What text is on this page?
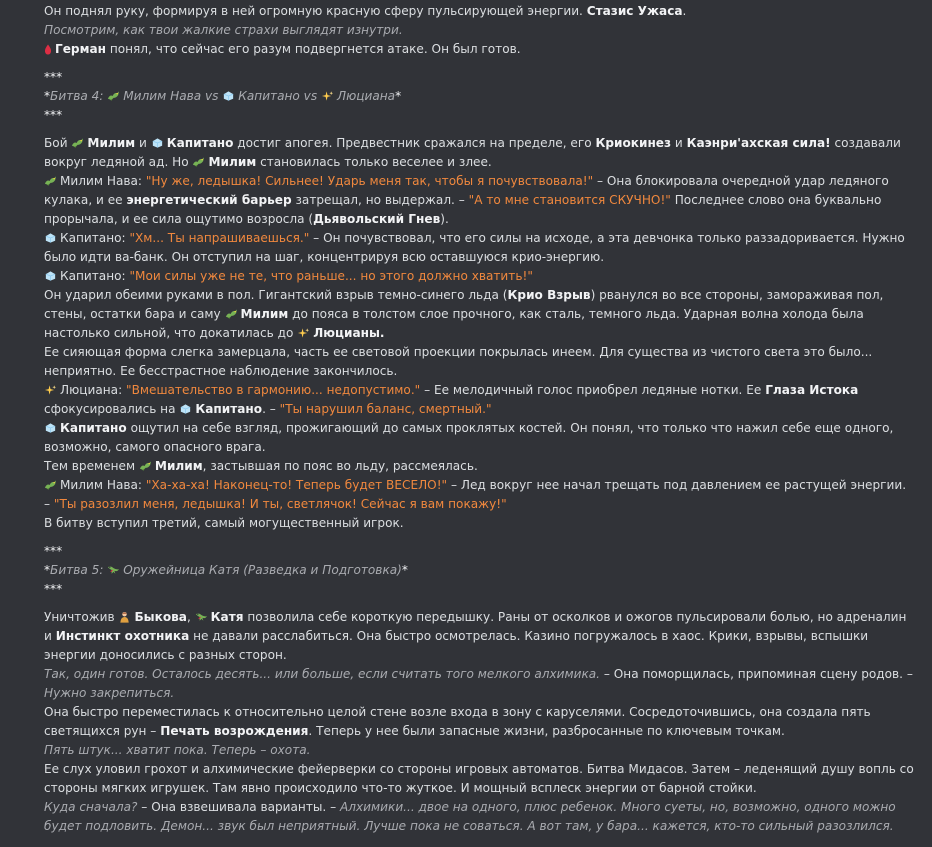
Он поднял руку, формируя в ней огромную красную сферу пульсирующей энергии. Стазис Ужаса.
Посмотрим, как твои жалкие страхи выглядят изнутри.
Герман понял, что сейчас его разум подвергнется атаке. Он был готов.
***
*Битва 4: Милим Нава vs Капитано vs Люциана*
***
Бой Милим и Капитано достиг апогея. Предвестник сражался на пределе, его Криокинез и Каэнри'ахская сила! создавали вокруг ледяной ад. Но Милим становилась только веселее и злее.
Милим Нава: "Ну же, ледышка! Сильнее! Ударь меня так, чтобы я почувствовала!" – Она блокировала очередной удар ледяного кулака, и ее энергетический барьер затрещал, но выдержал. – "А то мне становится СКУЧНО!" Последнее слово она буквально прорычала, и ее сила ощутимо возросла (Дьявольский Гнев).
Капитано: "Хм... Ты напрашиваешься." – Он почувствовал, что его силы на исходе, а эта девчонка только раззадоривается. Нужно было идти ва-банк. Он отступил на шаг, концентрируя всю оставшуюся крио-энергию.
Капитано: "Мои силы уже не те, что раньше... но этого должно хватить!"
Он ударил обеими руками в пол. Гигантский взрыв темно-синего льда (Крио Взрыв) рванулся во все стороны, замораживая пол, стены, остатки бара и саму Милим до пояса в толстом слое прочного, как сталь, темного льда. Ударная волна холода была настолько сильной, что докатилась до Люцианы.
Ее сияющая форма слегка замерцала, часть ее световой проекции покрылась инеем. Для существа из чистого света это было... неприятно. Ее бесстрастное наблюдение закончилось.
Люциана: "Вмешательство в гармонию... недопустимо." – Ее мелодичный голос приобрел ледяные нотки. Ее Глаза Истока сфокусировались на Капитано. – "Ты нарушил баланс, смертный."
Капитано ощутил на себе взгляд, прожигающий до самых проклятых костей. Он понял, что только что нажил себе еще одного, возможно, самого опасного врага.
Тем временем Милим, застывшая по пояс во льду, рассмеялась.
Милим Нава: "Ха-ха-ха! Наконец-то! Теперь будет ВЕСЕЛО!" – Лед вокруг нее начал трещать под давлением ее растущей энергии. – "Ты разозлил меня, ледышка! И ты, светлячок! Сейчас я вам покажу!"
В битву вступил третий, самый могущественный игрок.
***
*Битва 5: Оружейница Катя (Разведка и Подготовка)*
***
Уничтожив Быкова, Катя позволила себе короткую передышку. Раны от осколков и ожогов пульсировали болью, но адреналин и Инстинкт охотника не давали расслабиться. Она быстро осмотрелась. Казино погружалось в хаос. Крики, взрывы, вспышки энергии доносились с разных сторон.
Так, один готов. Осталось десять... или больше, если считать того мелкого алхимика. – Она поморщилась, припоминая сцену родов. – Нужно закрепиться.
Она быстро переместилась к относительно целой стене возле входа в зону с каруселями. Сосредоточившись, она создала пять светящихся рун – Печать возрождения. Теперь у нее были запасные жизни, разбросанные по ключевым точкам.
Пять штук... хватит пока. Теперь – охота.
Ее слух уловил грохот и алхимические фейерверки со стороны игровых автоматов. Битва Мидасов. Затем – леденящий душу вопль со стороны мягких игрушек. Там явно происходило что-то жуткое. И мощный всплеск энергии от барной стойки.
Куда сначала? – Она взвешивала варианты. – Алхимики... двое на одного, плюс ребенок. Много суеты, но, возможно, одного можно будет подловить. Демон... звук был неприятный. Лучше пока не соваться. А вот там, у бара... кажется, кто-то сильный разозлился.
